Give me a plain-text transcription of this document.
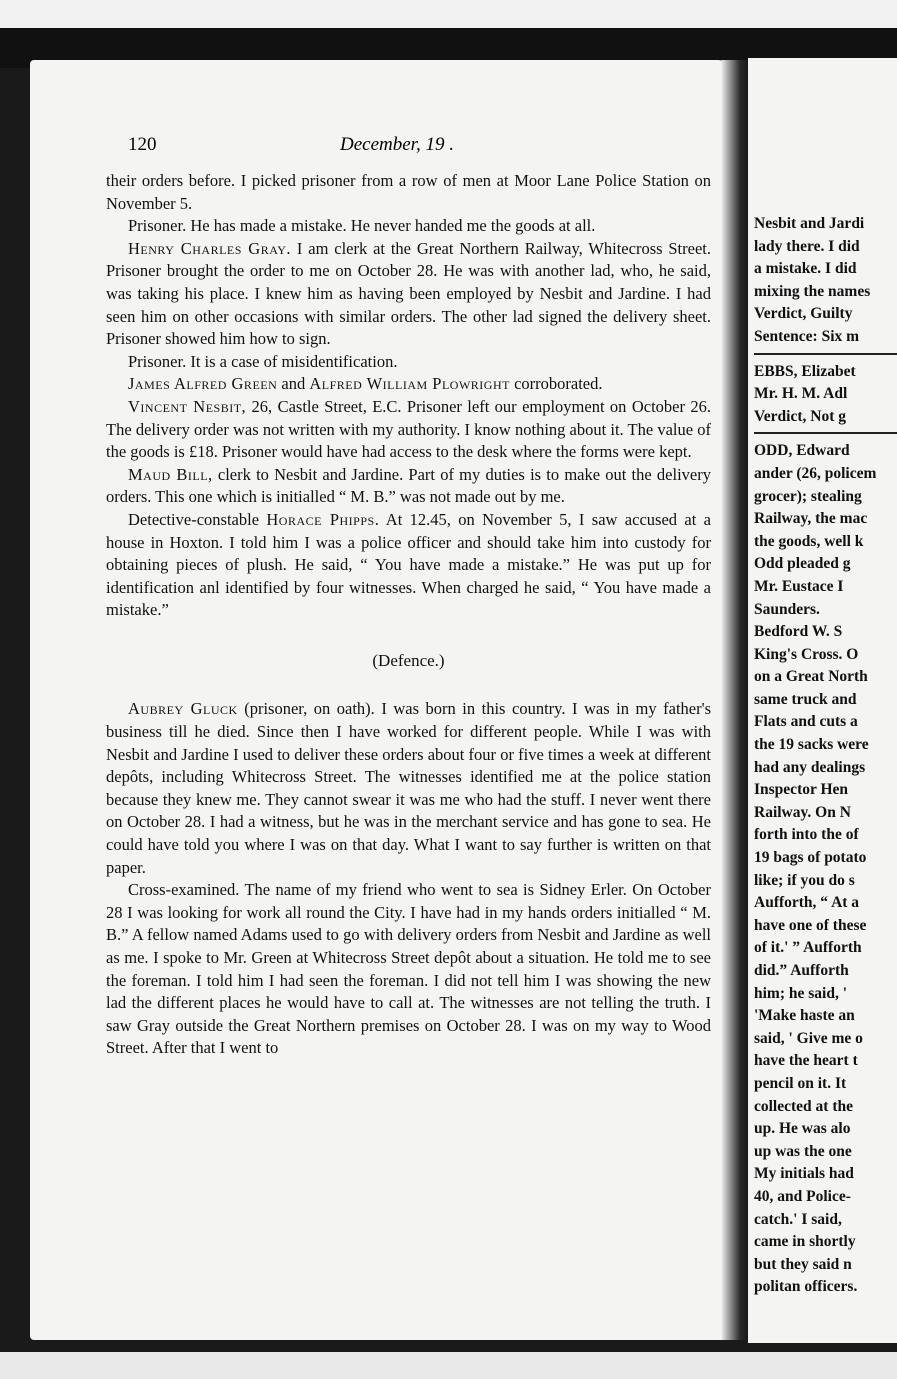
Nesbit and Jardi
lady there. I did
a mistake. I did
mixing the names
Verdict, Guilty
Sentence: Six m
EBBS, Elizabet
Mr. H. M. Adl
Verdict, Not g
ODD, Edward
ander (26, policem
grocer); stealing
Railway, the mac
the goods, well k
Odd pleaded g
Mr. Eustace I
Saunders.
Bedford W. S
King's Cross. O
on a Great North
same truck and
Flats and cuts a
the 19 sacks were
had any dealings
Inspector Hen
Railway. On N
forth into the of
19 bags of potato
like; if you do s
Aufforth, “ At a
have one of these
of it.' ” Aufforth
did.” Aufforth
him; he said, '
'Make haste an
said, ' Give me o
have the heart t
pencil on it. It
collected at the
up. He was alo
up was the one
My initials had
40, and Police-
catch.' I said,
came in shortly
but they said n
politan officers.
120	December, 19 .

their orders before. I picked prisoner from a row of men at Moor Lane Police Station on November 5.

Prisoner. He has made a mistake. He never handed me the goods at all.

Henry Charles Gray. I am clerk at the Great Northern Railway, Whitecross Street. Prisoner brought the order to me on October 28. He was with another lad, who, he said, was taking his place. I knew him as having been employed by Nesbit and Jardine. I had seen him on other occasions with similar orders. The other lad signed the delivery sheet. Prisoner showed him how to sign.

Prisoner. It is a case of misidentification.

James Alfred Green and Alfred William Plowright corroborated.

Vincent Nesbit, 26, Castle Street, E.C. Prisoner left our employment on October 26. The delivery order was not written with my authority. I know nothing about it. The value of the goods is £18. Prisoner would have had access to the desk where the forms were kept.

Maud Bill, clerk to Nesbit and Jardine. Part of my duties is to make out the delivery orders. This one which is initialled “ M. B.” was not made out by me.

Detective-constable Horace Phipps. At 12.45, on November 5, I saw accused at a house in Hoxton. I told him I was a police officer and should take him into custody for obtaining pieces of plush. He said, “ You have made a mistake.” He was put up for identification anl identified by four witnesses. When charged he said, “ You have made a mistake.”

(Defence.)

Aubrey Gluck (prisoner, on oath). I was born in this country. I was in my father's business till he died. Since then I have worked for different people. While I was with Nesbit and Jardine I used to deliver these orders about four or five times a week at different depôts, including Whitecross Street. The witnesses identified me at the police station because they knew me. They cannot swear it was me who had the stuff. I never went there on October 28. I had a witness, but he was in the merchant service and has gone to sea. He could have told you where I was on that day. What I want to say further is written on that paper.

Cross-examined. The name of my friend who went to sea is Sidney Erler. On October 28 I was looking for work all round the City. I have had in my hands orders initialled “ M. B.” A fellow named Adams used to go with delivery orders from Nesbit and Jardine as well as me. I spoke to Mr. Green at Whitecross Street depôt about a situation. He told me to see the foreman. I told him I had seen the foreman. I did not tell him I was showing the new lad the different places he would have to call at. The witnesses are not telling the truth. I saw Gray outside the Great Northern premises on October 28. I was on my way to Wood Street. After that I went to
